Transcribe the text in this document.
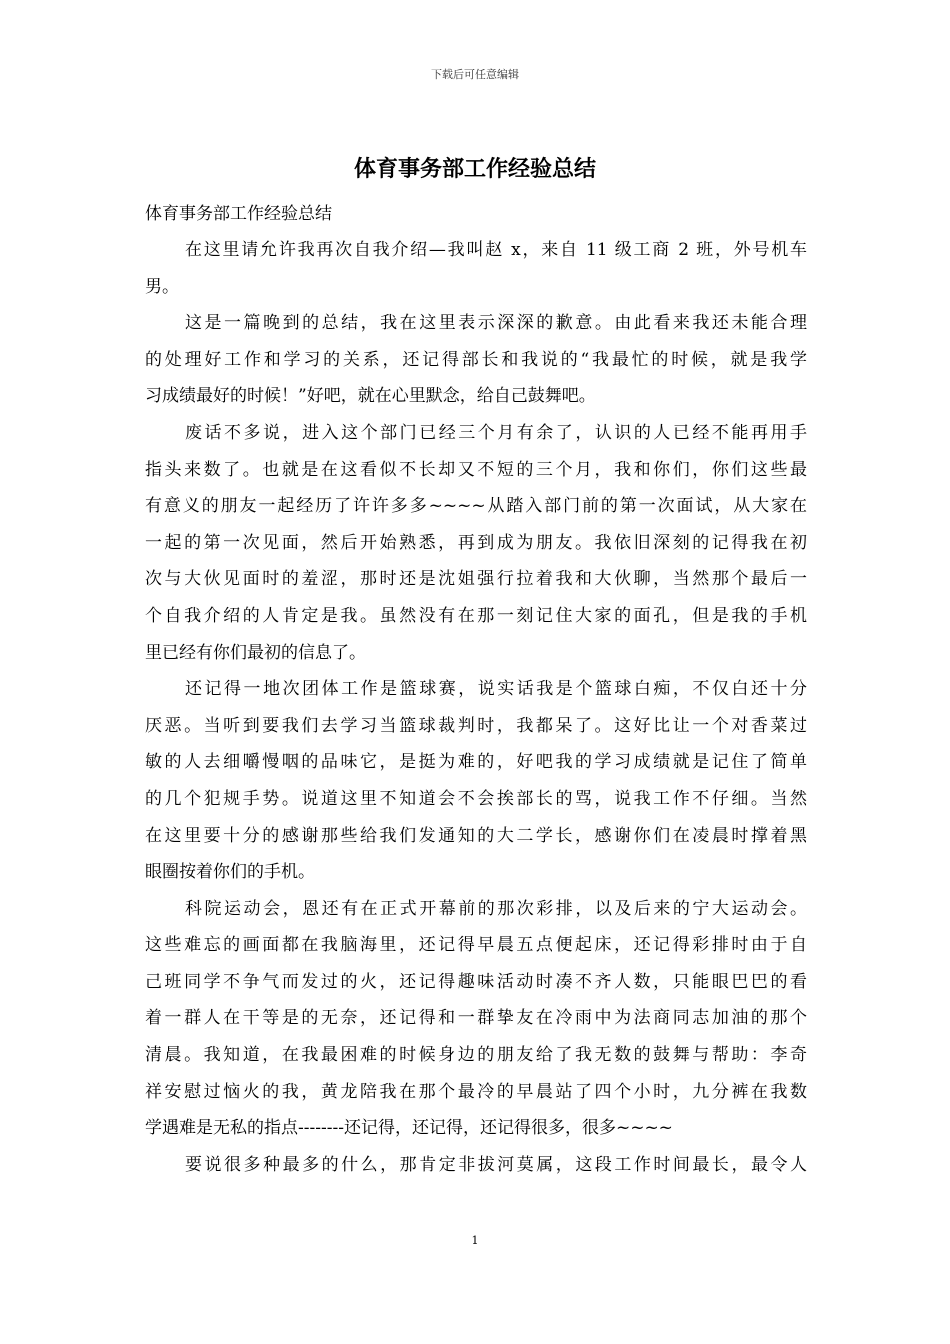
下载后可任意编辑
体育事务部工作经验总结

体育事务部工作经验总结

在这里请允许我再次自我介绍—我叫赵 x，来自 11 级工商 2 班，外号机车
男。

这是一篇晚到的总结，我在这里表示深深的歉意。由此看来我还未能合理
的处理好工作和学习的关系，还记得部长和我说的“我最忙的时候，就是我学
习成绩最好的时候！”好吧，就在心里默念，给自己鼓舞吧。

废话不多说，进入这个部门已经三个月有余了，认识的人已经不能再用手
指头来数了。也就是在这看似不长却又不短的三个月，我和你们，你们这些最
有意义的朋友一起经历了许许多多~~~~从踏入部门前的第一次面试，从大家在
一起的第一次见面，然后开始熟悉，再到成为朋友。我依旧深刻的记得我在初
次与大伙见面时的羞涩，那时还是沈姐强行拉着我和大伙聊，当然那个最后一
个自我介绍的人肯定是我。虽然没有在那一刻记住大家的面孔，但是我的手机
里已经有你们最初的信息了。

还记得一地次团体工作是篮球赛，说实话我是个篮球白痴，不仅白还十分
厌恶。当听到要我们去学习当篮球裁判时，我都呆了。这好比让一个对香菜过
敏的人去细嚼慢咽的品味它，是挺为难的，好吧我的学习成绩就是记住了简单
的几个犯规手势。说道这里不知道会不会挨部长的骂，说我工作不仔细。当然
在这里要十分的感谢那些给我们发通知的大二学长，感谢你们在凌晨时撑着黑
眼圈按着你们的手机。

科院运动会，恩还有在正式开幕前的那次彩排，以及后来的宁大运动会。
这些难忘的画面都在我脑海里，还记得早晨五点便起床，还记得彩排时由于自
己班同学不争气而发过的火，还记得趣味活动时凑不齐人数，只能眼巴巴的看
着一群人在干等是的无奈，还记得和一群挚友在冷雨中为法商同志加油的那个
清晨。我知道，在我最困难的时候身边的朋友给了我无数的鼓舞与帮助：李奇
祥安慰过恼火的我，黄龙陪我在那个最冷的早晨站了四个小时，九分裤在我数
学遇难是无私的指点--------还记得，还记得，还记得很多，很多~~~~

要说很多种最多的什么，那肯定非拔河莫属，这段工作时间最长，最令人

1
